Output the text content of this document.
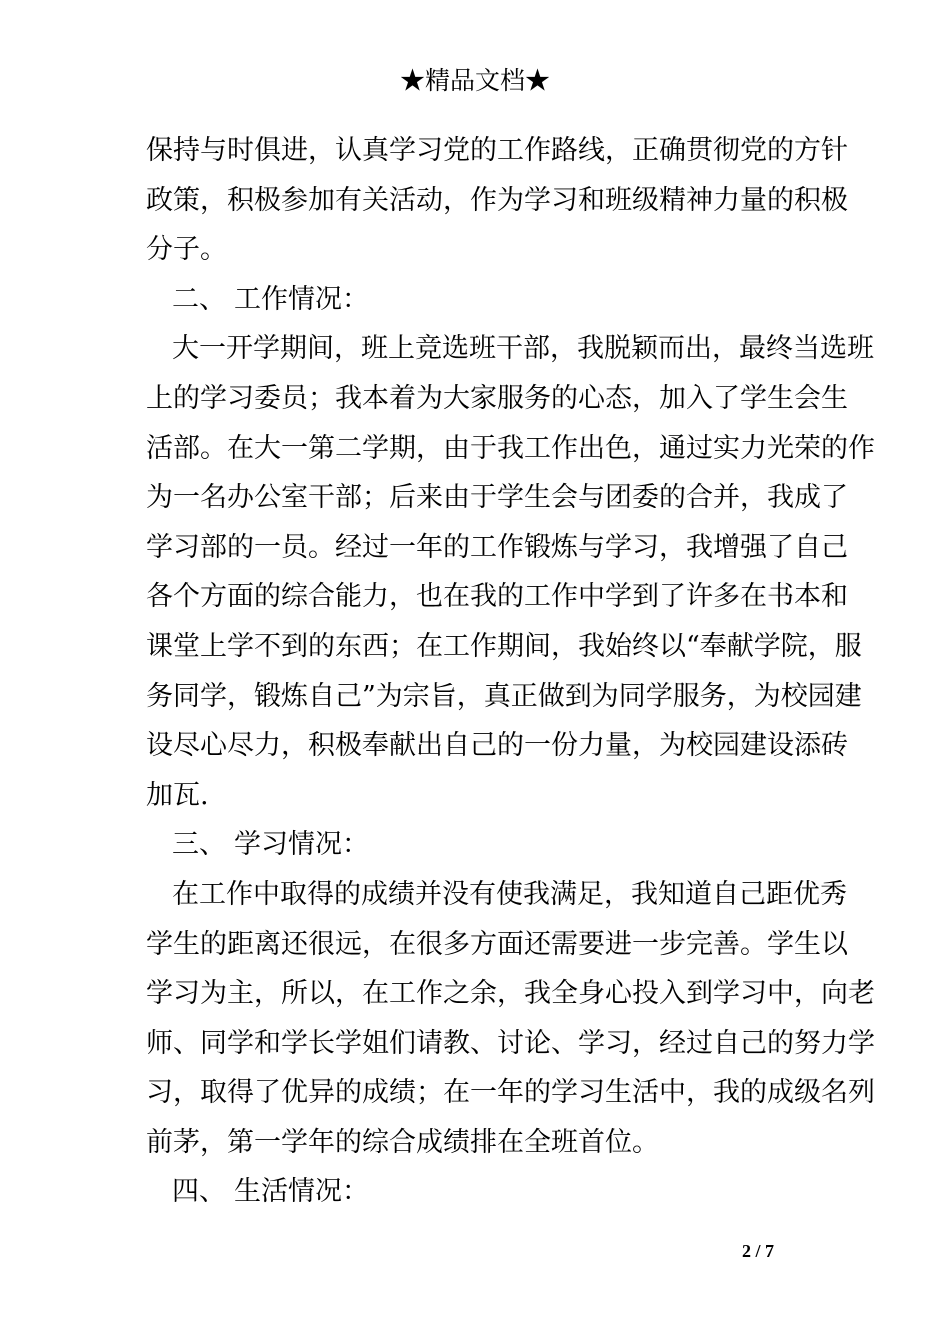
★精品文档★
保持与时俱进，认真学习党的工作路线，正确贯彻党的方针
政策，积极参加有关活动，作为学习和班级精神力量的积极
分子。
二、 工作情况：
大一开学期间，班上竞选班干部，我脱颖而出，最终当选班
上的学习委员；我本着为大家服务的心态，加入了学生会生
活部。在大一第二学期，由于我工作出色，通过实力光荣的作
为一名办公室干部；后来由于学生会与团委的合并，我成了
学习部的一员。经过一年的工作锻炼与学习，我增强了自己
各个方面的综合能力，也在我的工作中学到了许多在书本和
课堂上学不到的东西；在工作期间，我始终以“奉献学院，服
务同学，锻炼自己”为宗旨，真正做到为同学服务，为校园建
设尽心尽力，积极奉献出自己的一份力量，为校园建设添砖
加瓦.
三、 学习情况：
在工作中取得的成绩并没有使我满足，我知道自己距优秀
学生的距离还很远，在很多方面还需要进一步完善。学生以
学习为主，所以，在工作之余，我全身心投入到学习中，向老
师、同学和学长学姐们请教、讨论、学习，经过自己的努力学
习，取得了优异的成绩；在一年的学习生活中，我的成级名列
前茅，第一学年的综合成绩排在全班首位。
四、 生活情况：
2 / 7
